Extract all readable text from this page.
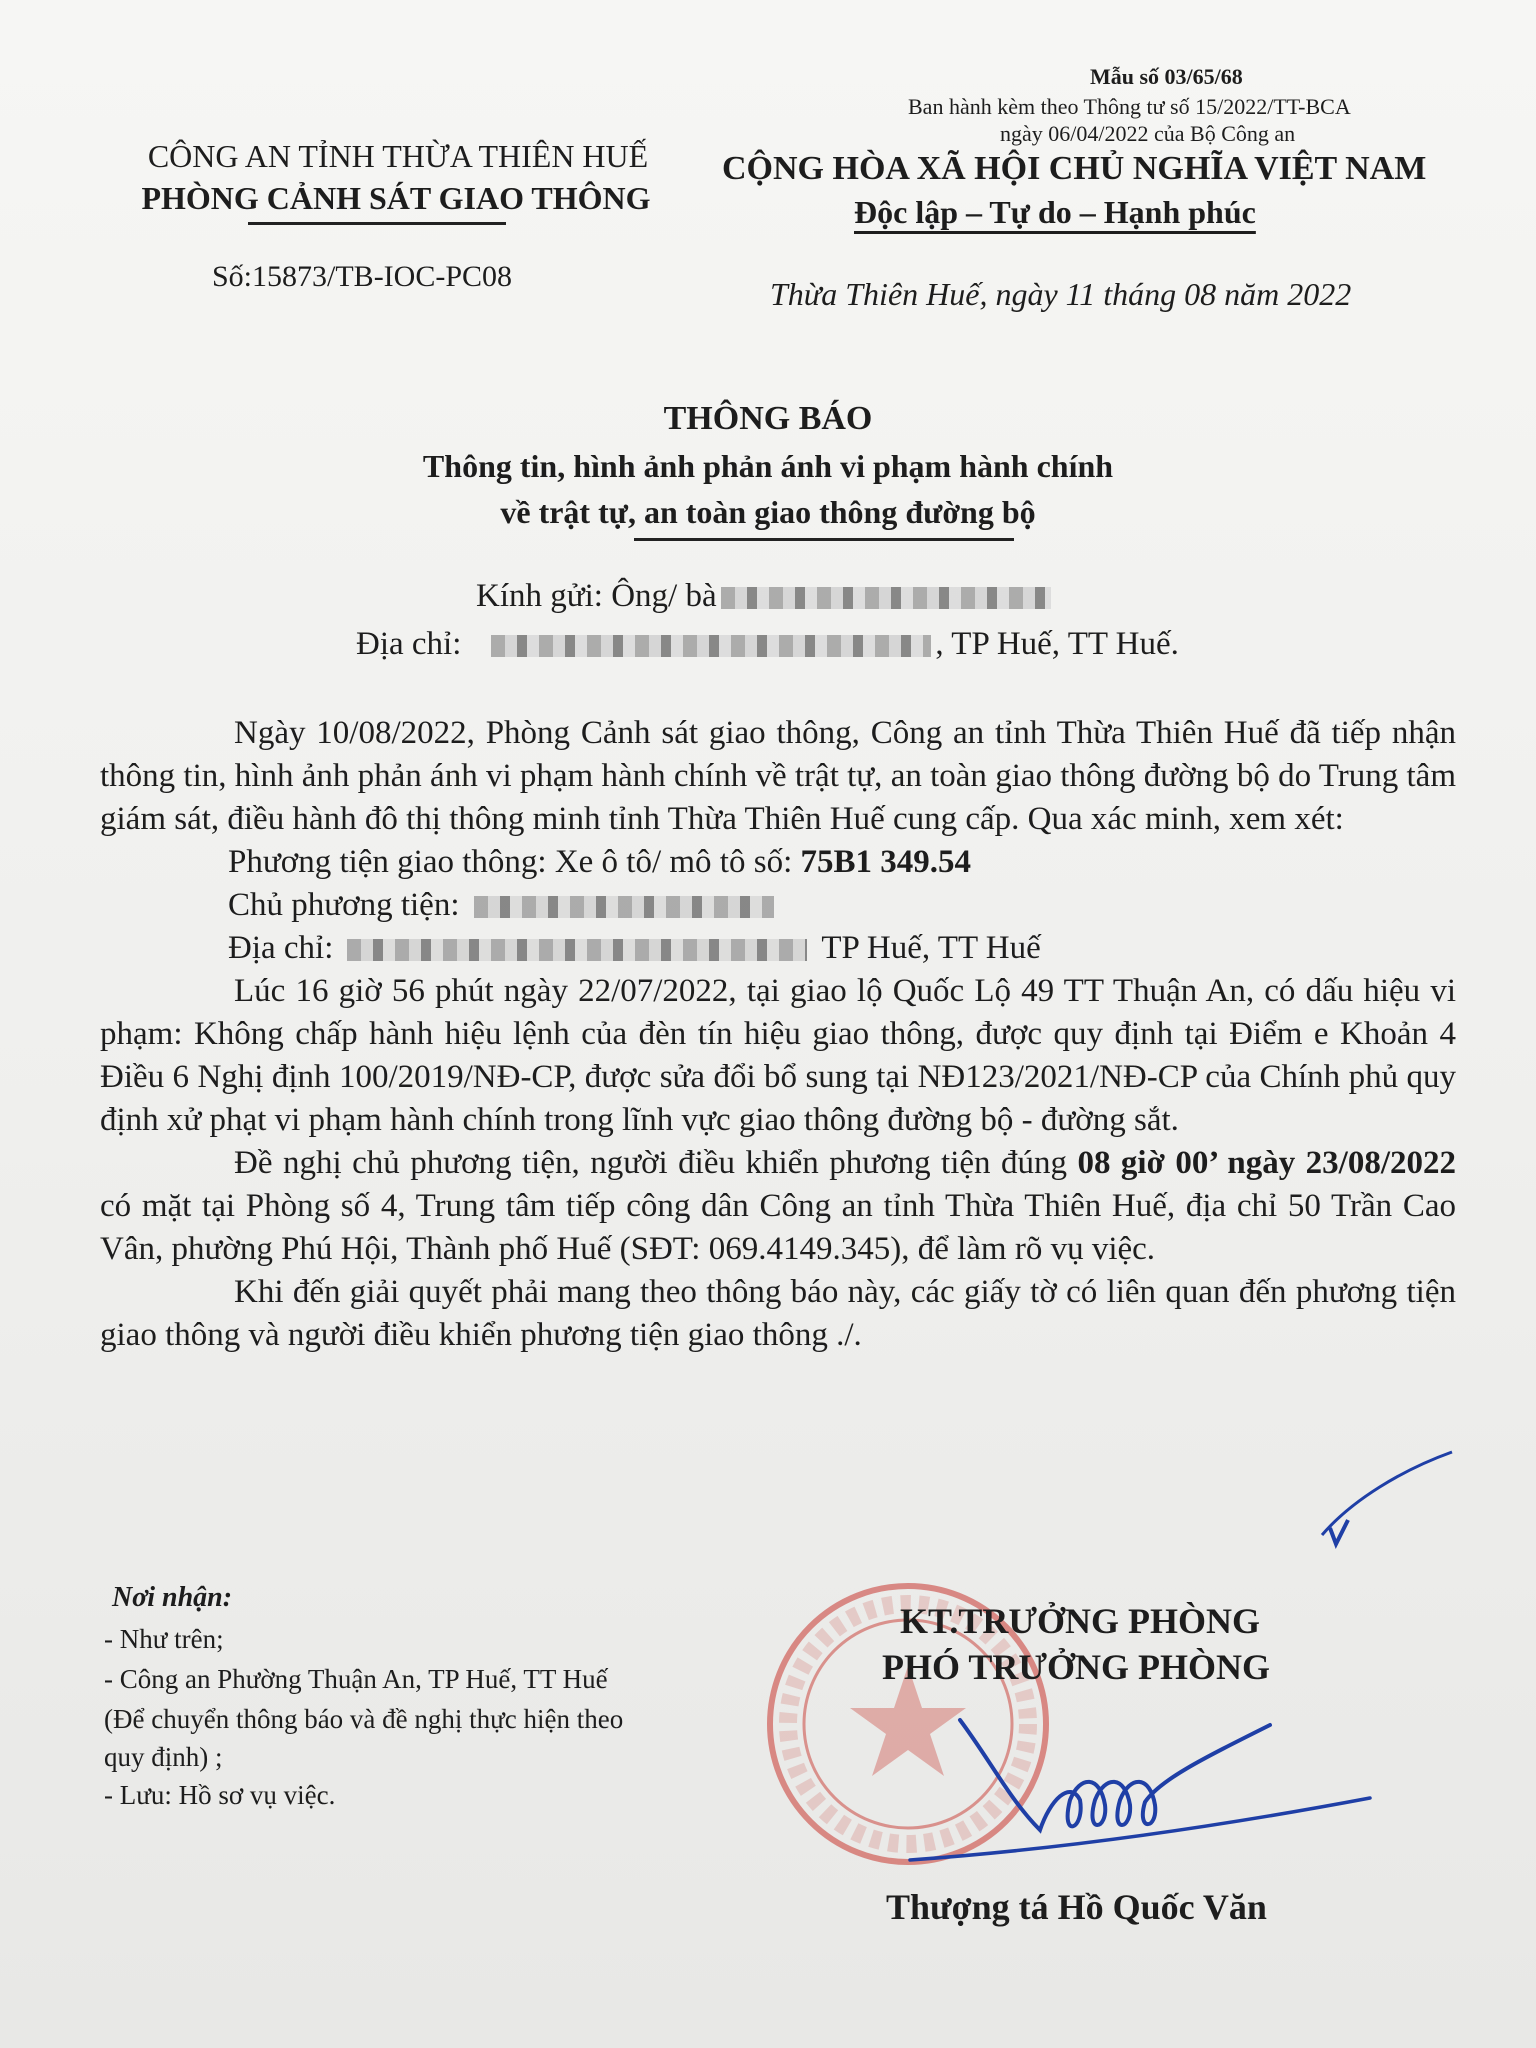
Mẫu số 03/65/68
Ban hành kèm theo Thông tư số 15/2022/TT-BCA
ngày 06/04/2022 của Bộ Công an
CÔNG AN TỈNH THỪA THIÊN HUẾ
PHÒNG CẢNH SÁT GIAO THÔNG
Số:15873/TB-IOC-PC08
CỘNG HÒA XÃ HỘI CHỦ NGHĨA VIỆT NAM
Độc lập – Tự do – Hạnh phúc
Thừa Thiên Huế, ngày 11 tháng 08 năm 2022
THÔNG BÁO
Thông tin, hình ảnh phản ánh vi phạm hành chính
về trật tự, an toàn giao thông đường bộ
Kính gửi: Ông/ bà
Địa chỉ:	, TP Huế, TT Huế.

Ngày 10/08/2022, Phòng Cảnh sát giao thông, Công an tỉnh Thừa Thiên Huế đã tiếp nhận thông tin, hình ảnh phản ánh vi phạm hành chính về trật tự, an toàn giao thông đường bộ do Trung tâm giám sát, điều hành đô thị thông minh tỉnh Thừa Thiên Huế cung cấp. Qua xác minh, xem xét:

Phương tiện giao thông: Xe ô tô/ mô tô số: 75B1 349.54

Chủ phương tiện:

Địa chỉ:	TP Huế, TT Huế

Lúc 16 giờ 56 phút ngày 22/07/2022, tại giao lộ Quốc Lộ 49 TT Thuận An, có dấu hiệu vi phạm: Không chấp hành hiệu lệnh của đèn tín hiệu giao thông, được quy định tại Điểm e Khoản 4 Điều 6 Nghị định 100/2019/NĐ-CP, được sửa đổi bổ sung tại NĐ123/2021/NĐ-CP của Chính phủ quy định xử phạt vi phạm hành chính trong lĩnh vực giao thông đường bộ - đường sắt.

Đề nghị chủ phương tiện, người điều khiển phương tiện đúng 08 giờ 00’ ngày 23/08/2022 có mặt tại Phòng số 4, Trung tâm tiếp công dân Công an tỉnh Thừa Thiên Huế, địa chỉ 50 Trần Cao Vân, phường Phú Hội, Thành phố Huế (SĐT: 069.4149.345), để làm rõ vụ việc.

Khi đến giải quyết phải mang theo thông báo này, các giấy tờ có liên quan đến phương tiện giao thông và người điều khiển phương tiện giao thông ./.

Nơi nhận:
- Như trên;
- Công an Phường Thuận An, TP Huế, TT Huế
(Để chuyển thông báo và đề nghị thực hiện theo
quy định) ;
- Lưu: Hồ sơ vụ việc.
KT.TRƯỞNG PHÒNG
PHÓ TRƯỞNG PHÒNG
Thượng tá Hồ Quốc Văn
